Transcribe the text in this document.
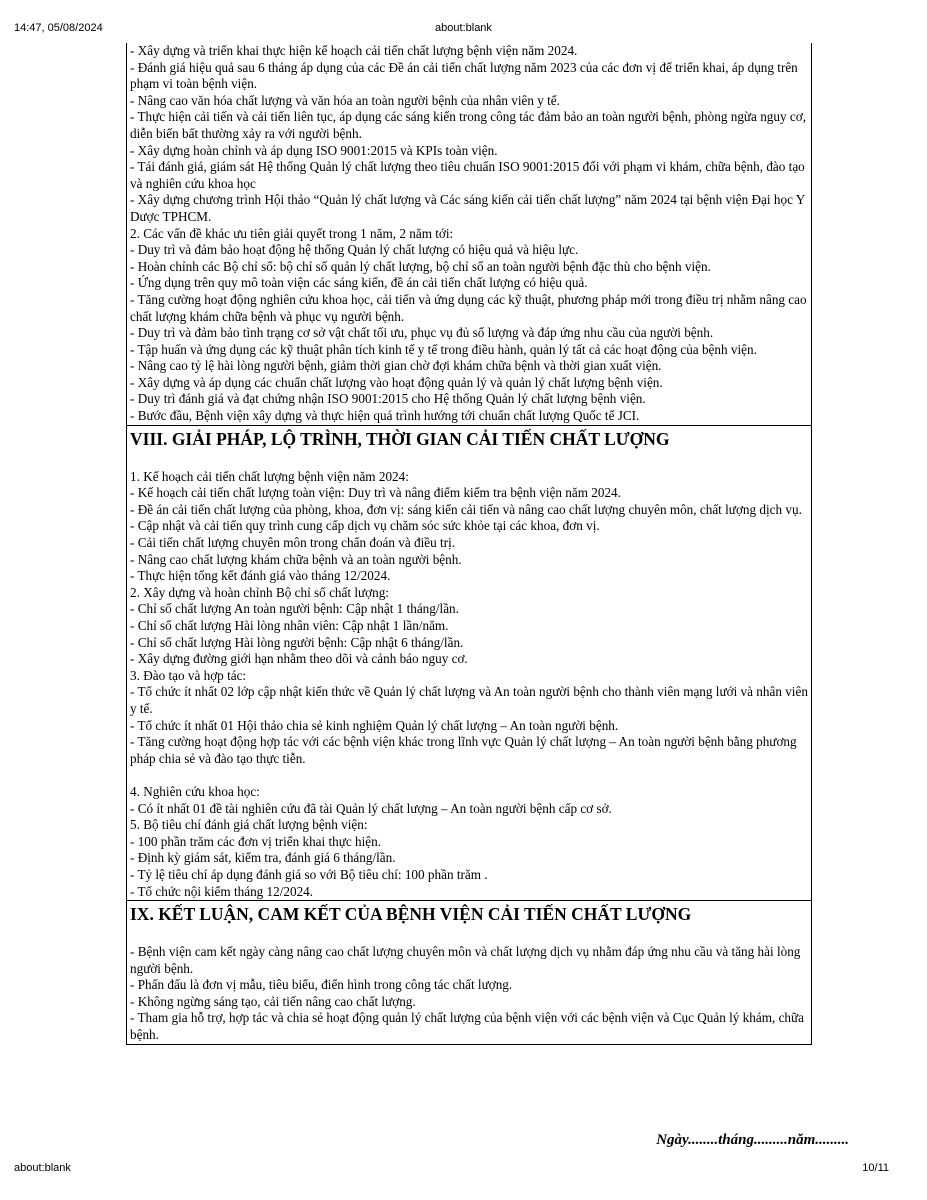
14:47, 05/08/2024	about:blank
- Xây dựng và triển khai thực hiện kế hoạch cải tiến chất lượng bệnh viện năm 2024.
- Đánh giá hiệu quả sau 6 tháng áp dụng của các Đề án cải tiến chất lượng năm 2023 của các đơn vị để triển khai, áp dụng trên phạm vi toàn bệnh viện.
- Nâng cao văn hóa chất lượng và văn hóa an toàn người bệnh của nhân viên y tế.
- Thực hiện cải tiến và cải tiến liên tục, áp dụng các sáng kiến trong công tác đảm bảo an toàn người bệnh, phòng ngừa nguy cơ, diễn biến bất thường xảy ra với người bệnh.
- Xây dựng hoàn chỉnh và áp dụng ISO 9001:2015 và KPIs toàn viện.
- Tái đánh giá, giám sát Hệ thống Quản lý chất lượng theo tiêu chuẩn ISO 9001:2015 đối với phạm vi khám, chữa bệnh, đào tạo và nghiên cứu khoa học
- Xây dựng chương trình Hội thảo “Quản lý chất lượng và Các sáng kiến cải tiến chất lượng” năm 2024 tại bệnh viện Đại học Y Dược TPHCM.
2. Các vấn đề khác ưu tiên giải quyết trong 1 năm, 2 năm tới:
- Duy trì và đảm bảo hoạt động hệ thống Quản lý chất lượng có hiệu quả và hiệu lực.
- Hoàn chỉnh các Bộ chỉ số: bộ chỉ số quản lý chất lượng, bộ chỉ số an toàn người bệnh đặc thù cho bệnh viện.
- Ứng dụng trên quy mô toàn viện các sáng kiến, đề án cải tiến chất lượng có hiệu quả.
- Tăng cường hoạt động nghiên cứu khoa học, cải tiến và ứng dụng các kỹ thuật, phương pháp mới trong điều trị nhằm nâng cao chất lượng khám chữa bệnh và phục vụ người bệnh.
- Duy trì và đảm bảo tình trạng cơ sở vật chất tối ưu, phục vụ đủ số lượng và đáp ứng nhu cầu của người bệnh.
- Tập huấn và ứng dụng các kỹ thuật phân tích kinh tế y tế trong điều hành, quản lý tất cả các hoạt động của bệnh viện.
- Nâng cao tỷ lệ hài lòng người bệnh, giảm thời gian chờ đợi khám chữa bệnh và thời gian xuất viện.
- Xây dựng và áp dụng các chuẩn chất lượng vào hoạt động quản lý và quản lý chất lượng bệnh viện.
- Duy trì đánh giá và đạt chứng nhận ISO 9001:2015 cho Hệ thống Quản lý chất lượng bệnh viện.
- Bước đầu, Bệnh viện xây dựng và thực hiện quá trình hướng tới chuẩn chất lượng Quốc tế JCI.
VIII. GIẢI PHÁP, LỘ TRÌNH, THỜI GIAN CẢI TIẾN CHẤT LƯỢNG
1. Kế hoạch cải tiến chất lượng bệnh viện năm 2024:
- Kế hoạch cải tiến chất lượng toàn viện: Duy trì và nâng điểm kiểm tra bệnh viện năm 2024.
- Đề án cải tiến chất lượng của phòng, khoa, đơn vị: sáng kiến cải tiến và nâng cao chất lượng chuyên môn, chất lượng dịch vụ.
- Cập nhật và cải tiến quy trình cung cấp dịch vụ chăm sóc sức khỏe tại các khoa, đơn vị.
- Cải tiến chất lượng chuyên môn trong chẩn đoán và điều trị.
- Nâng cao chất lượng khám chữa bệnh và an toàn người bệnh.
- Thực hiện tổng kết đánh giá vào tháng 12/2024.
2. Xây dựng và hoàn chỉnh Bộ chỉ số chất lượng:
- Chỉ số chất lượng An toàn người bệnh: Cập nhật 1 tháng/lần.
- Chỉ số chất lượng Hài lòng nhân viên: Cập nhật 1 lần/năm.
- Chỉ số chất lượng Hài lòng người bệnh: Cập nhật 6 tháng/lần.
- Xây dựng đường giới hạn nhằm theo dõi và cảnh báo nguy cơ.
3. Đào tạo và hợp tác:
- Tổ chức ít nhất 02 lớp cập nhật kiến thức về Quản lý chất lượng và An toàn người bệnh cho thành viên mạng lưới và nhân viên y tế.
- Tổ chức ít nhất 01 Hội thảo chia sẻ kinh nghiệm Quản lý chất lượng – An toàn người bệnh.
- Tăng cường hoạt động hợp tác với các bệnh viện khác trong lĩnh vực Quản lý chất lượng – An toàn người bệnh bằng phương pháp chia sẻ và đào tạo thực tiễn.
4. Nghiên cứu khoa học:
- Có ít nhất 01 đề tài nghiên cứu đã tài Quản lý chất lượng – An toàn người bệnh cấp cơ sở.
5. Bộ tiêu chí đánh giá chất lượng bệnh viện:
- 100 phần trăm các đơn vị triển khai thực hiện.
- Định kỳ giám sát, kiểm tra, đánh giá 6 tháng/lần.
- Tỷ lệ tiêu chí áp dụng đánh giá so với Bộ tiêu chí: 100 phần trăm .
- Tổ chức nội kiểm tháng 12/2024.
IX. KẾT LUẬN, CAM KẾT CỦA BỆNH VIỆN CẢI TIẾN CHẤT LƯỢNG
- Bệnh viện cam kết ngày càng nâng cao chất lượng chuyên môn và chất lượng dịch vụ nhằm đáp ứng nhu cầu và tăng hài lòng người bệnh.
- Phấn đấu là đơn vị mẫu, tiêu biểu, điển hình trong công tác chất lượng.
- Không ngừng sáng tạo, cải tiến nâng cao chất lượng.
- Tham gia hỗ trợ, hợp tác và chia sẻ hoạt động quản lý chất lượng của bệnh viện với các bệnh viện và Cục Quản lý khám, chữa bệnh.
Ngày........tháng.........năm.........
about:blank	10/11
